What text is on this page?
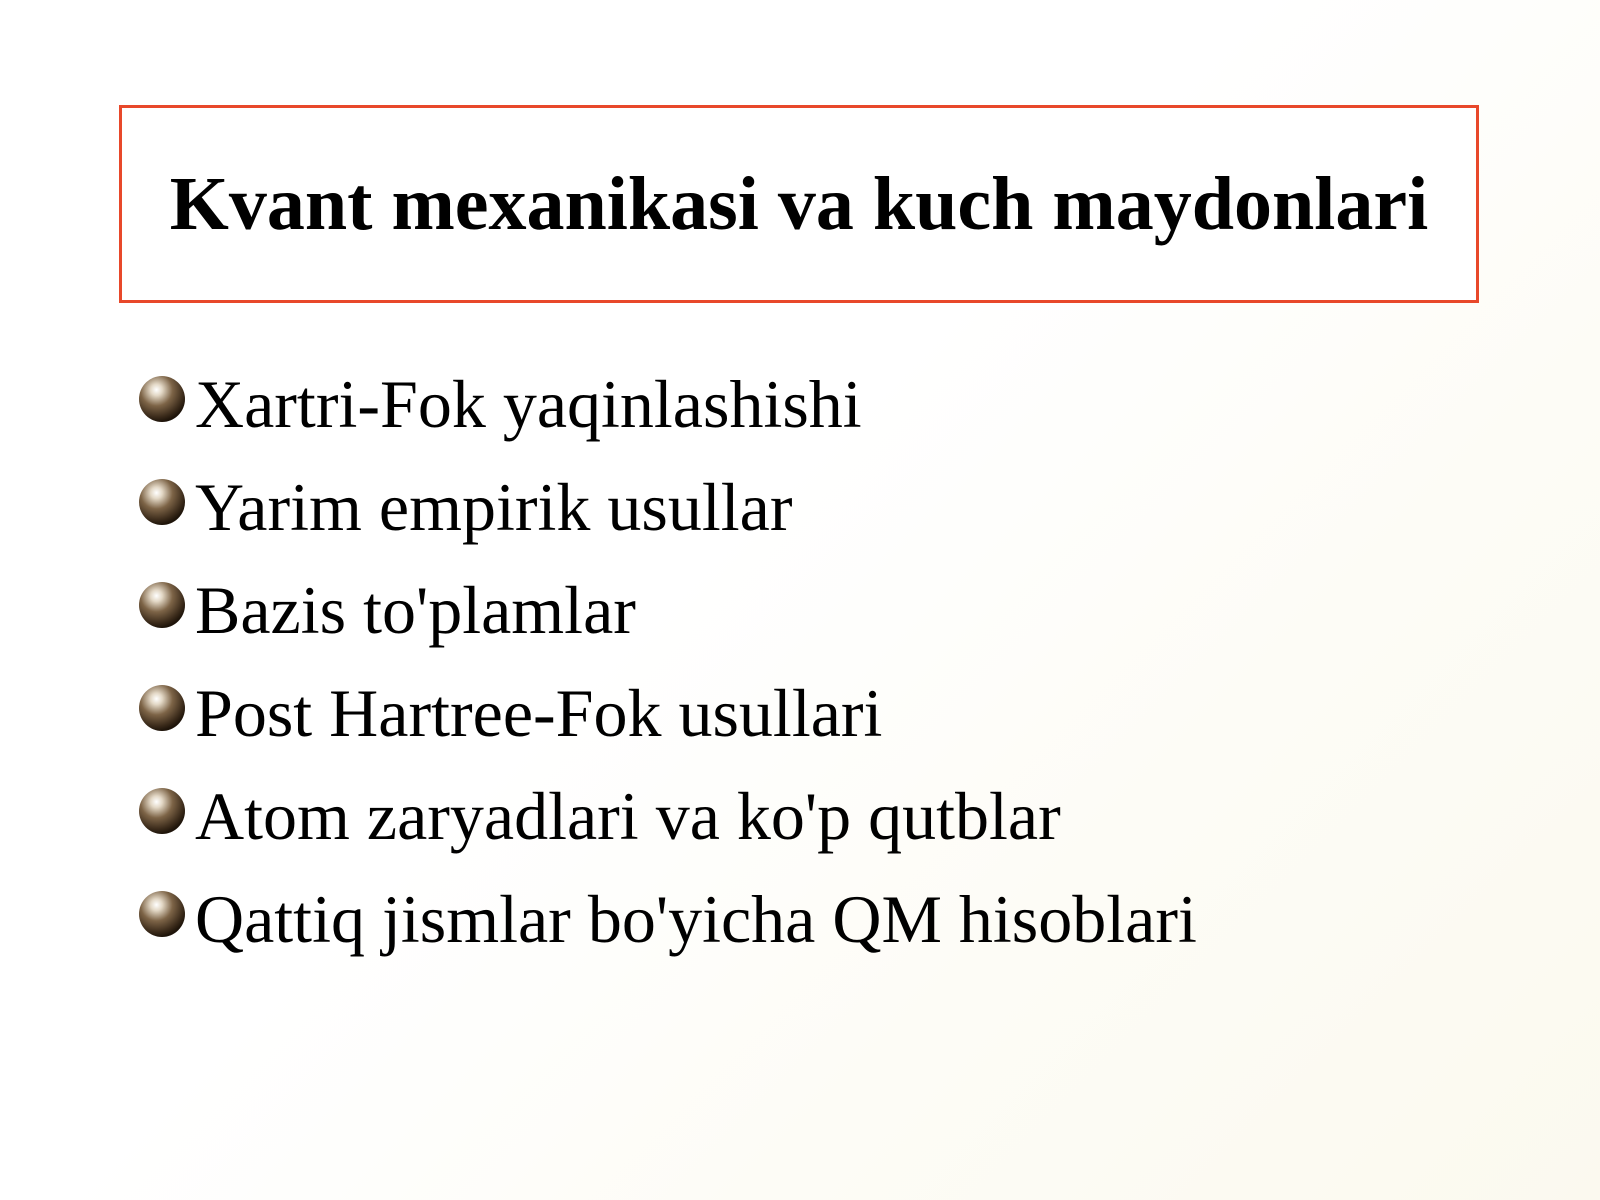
Kvant mexanikasi va kuch maydonlari
Xartri-Fok yaqinlashishi
Yarim empirik usullar
Bazis to'plamlar
Post Hartree-Fok usullari
Atom zaryadlari va ko'p qutblar
Qattiq jismlar bo'yicha QM hisoblari
